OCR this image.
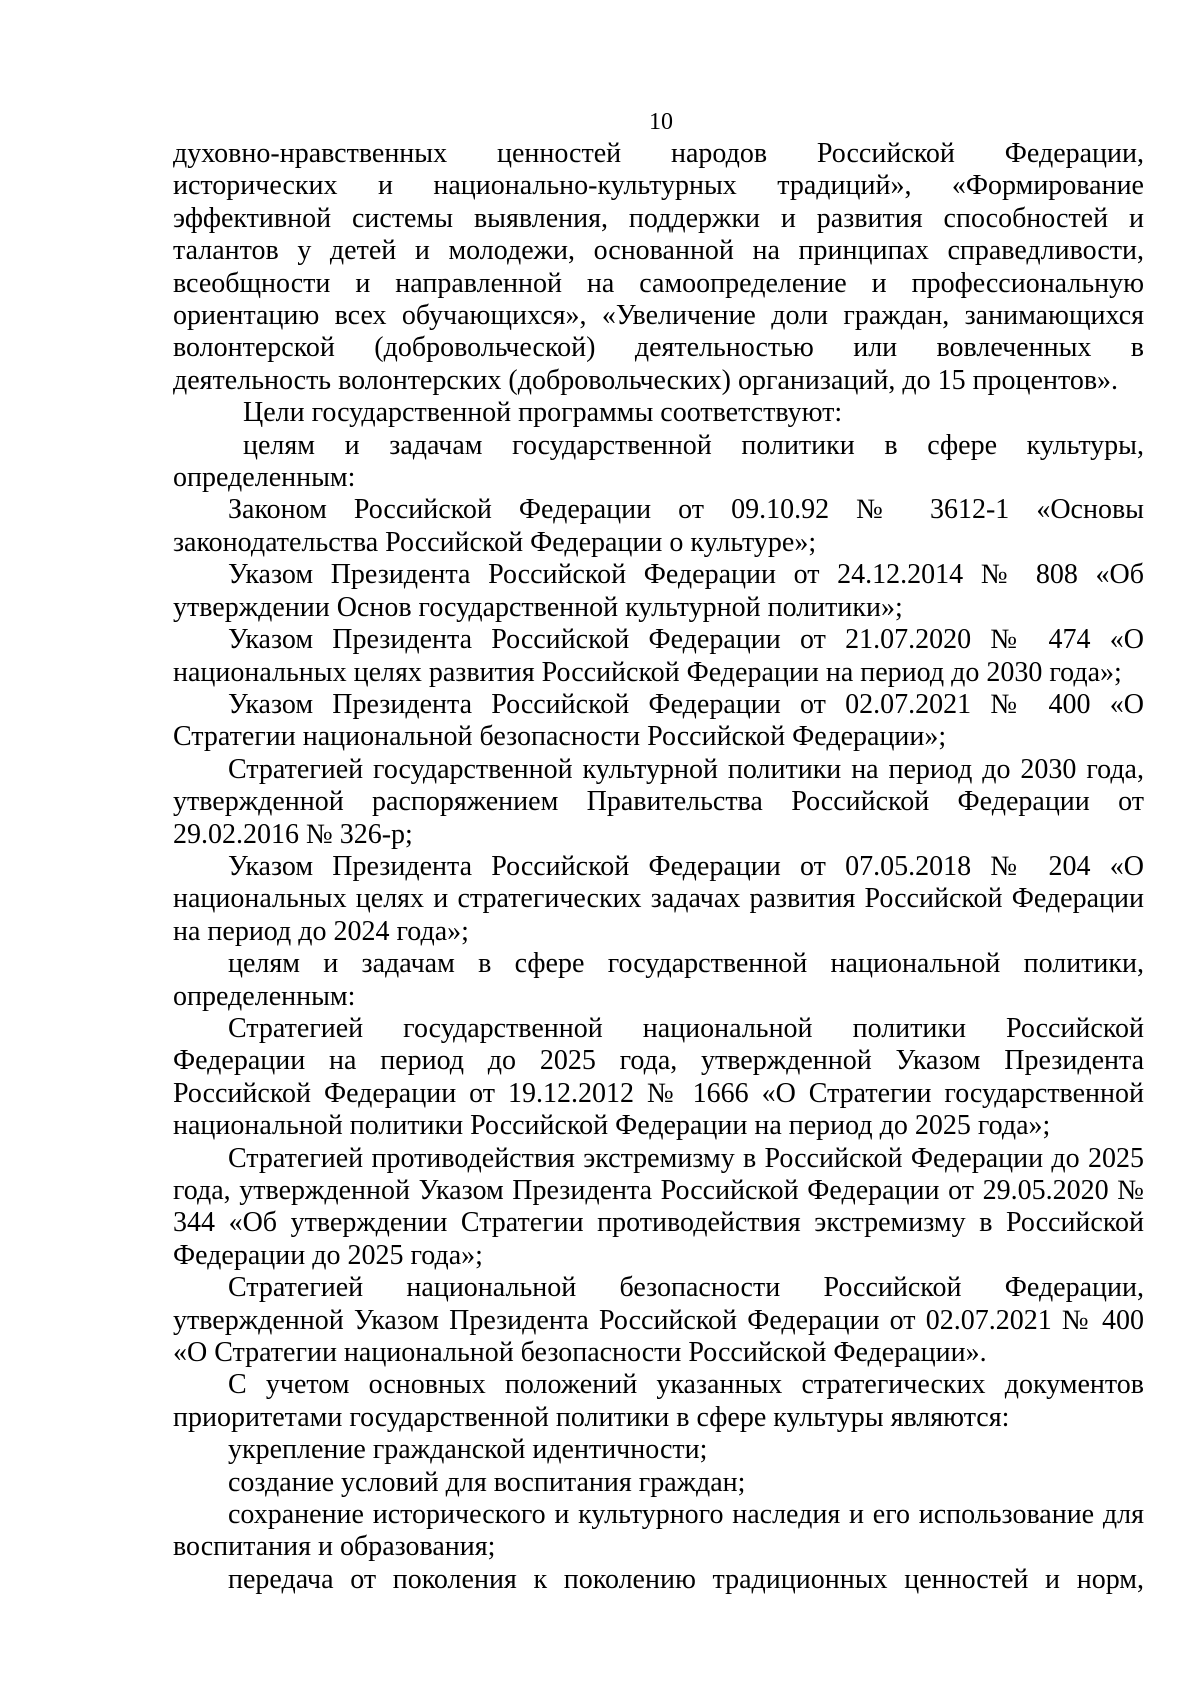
10

духовно-нравственных ценностей народов Российской Федерации, исторических и национально-культурных традиций», «Формирование эффективной системы выявления, поддержки и развития способностей и талантов у детей и молодежи, основанной на принципах справедливости, всеобщности и направленной на самоопределение и профессиональную ориентацию всех обучающихся», «Увеличение доли граждан, занимающихся волонтерской (добровольческой) деятельностью или вовлеченных в деятельность волонтерских (добровольческих) организаций, до 15 процентов».

Цели государственной программы соответствуют:

целям и задачам государственной политики в сфере культуры, определенным:

Законом Российской Федерации от 09.10.92 № 3612-1 «Основы законодательства Российской Федерации о культуре»;

Указом Президента Российской Федерации от 24.12.2014 № 808 «Об утверждении Основ государственной культурной политики»;

Указом Президента Российской Федерации от 21.07.2020 № 474 «О национальных целях развития Российской Федерации на период до 2030 года»;

Указом Президента Российской Федерации от 02.07.2021 № 400 «О Стратегии национальной безопасности Российской Федерации»;

Стратегией государственной культурной политики на период до 2030 года, утвержденной распоряжением Правительства Российской Федерации от 29.02.2016 № 326-р;

Указом Президента Российской Федерации от 07.05.2018 № 204 «О национальных целях и стратегических задачах развития Российской Федерации на период до 2024 года»;

целям и задачам в сфере государственной национальной политики, определенным:

Стратегией государственной национальной политики Российской Федерации на период до 2025 года, утвержденной Указом Президента Российской Федерации от 19.12.2012 № 1666 «О Стратегии государственной национальной политики Российской Федерации на период до 2025 года»;

Стратегией противодействия экстремизму в Российской Федерации до 2025 года, утвержденной Указом Президента Российской Федерации от 29.05.2020 № 344 «Об утверждении Стратегии противодействия экстремизму в Российской Федерации до 2025 года»;

Стратегией национальной безопасности Российской Федерации, утвержденной Указом Президента Российской Федерации от 02.07.2021 № 400 «О Стратегии национальной безопасности Российской Федерации».

С учетом основных положений указанных стратегических документов приоритетами государственной политики в сфере культуры являются:

укрепление гражданской идентичности;

создание условий для воспитания граждан;

сохранение исторического и культурного наследия и его использование для воспитания и образования;

передача от поколения к поколению традиционных ценностей и норм,
